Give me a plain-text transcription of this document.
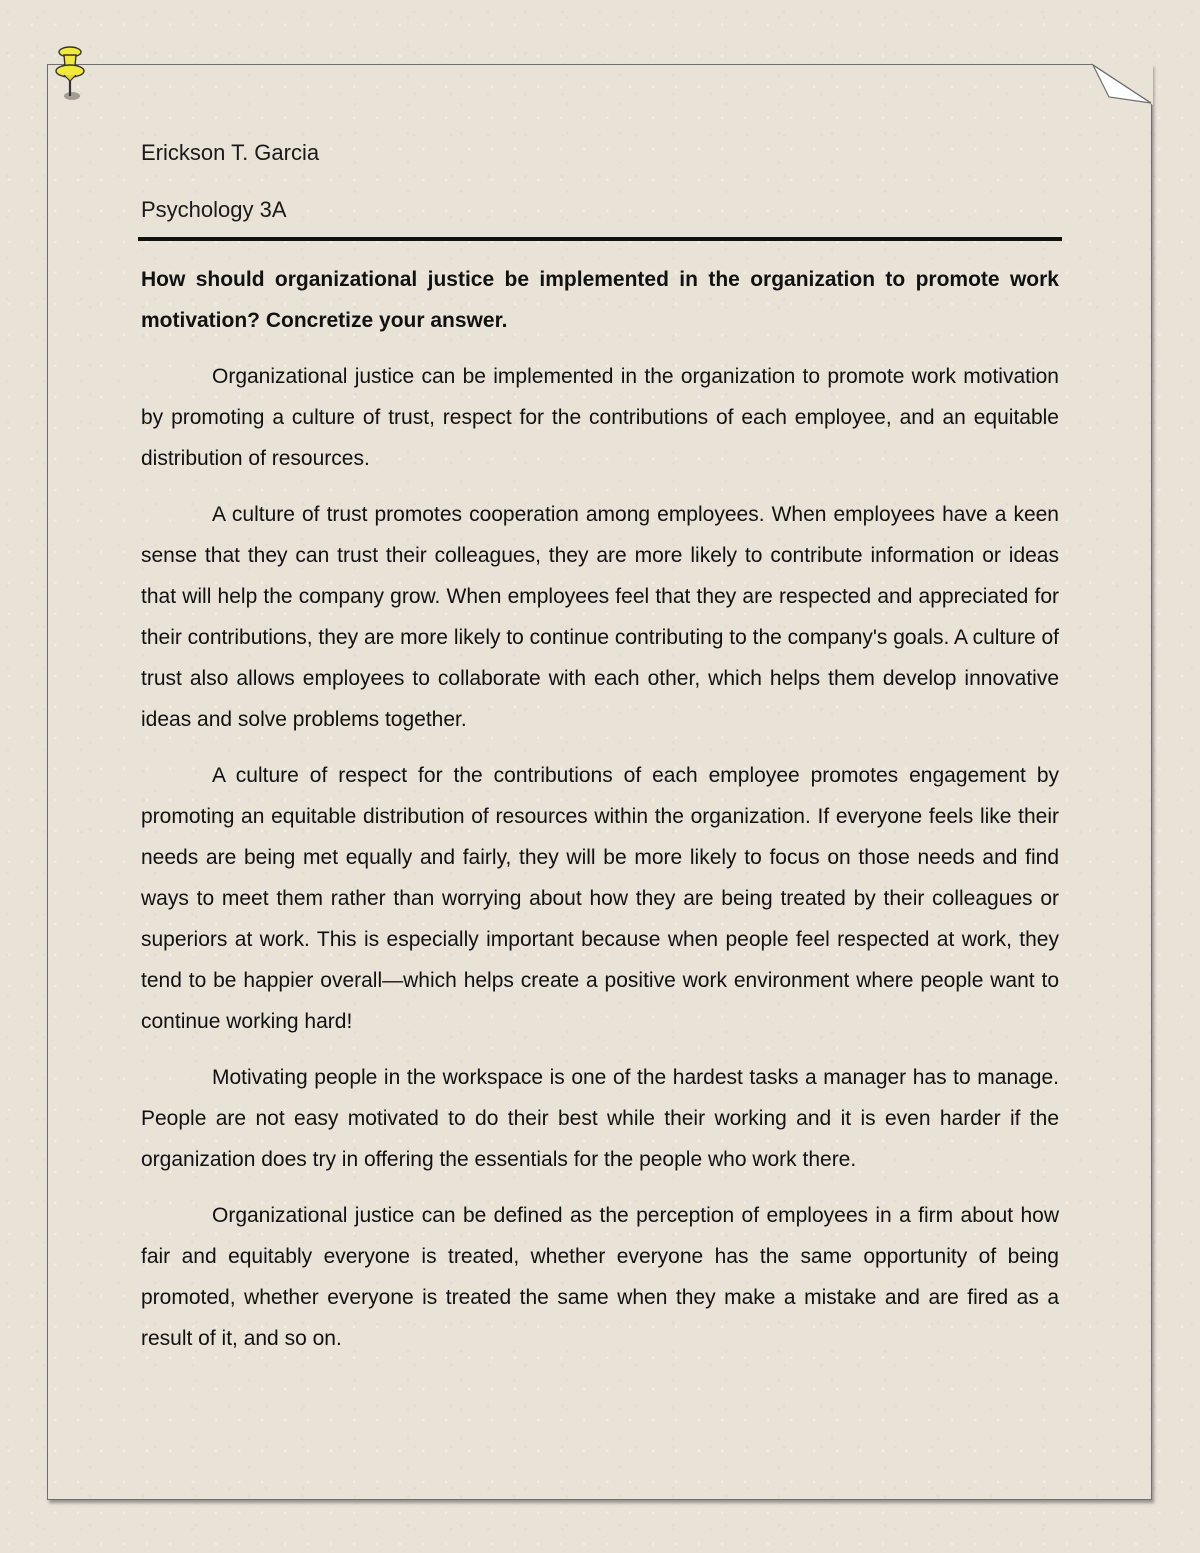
Erickson T. Garcia

Psychology 3A

How should organizational justice be implemented in the organization to promote work motivation? Concretize your answer.

Organizational justice can be implemented in the organization to promote work motivation by promoting a culture of trust, respect for the contributions of each employee, and an equitable distribution of resources.

A culture of trust promotes cooperation among employees. When employees have a keen sense that they can trust their colleagues, they are more likely to contribute information or ideas that will help the company grow. When employees feel that they are respected and appreciated for their contributions, they are more likely to continue contributing to the company's goals. A culture of trust also allows employees to collaborate with each other, which helps them develop innovative ideas and solve problems together.

A culture of respect for the contributions of each employee promotes engagement by promoting an equitable distribution of resources within the organization. If everyone feels like their needs are being met equally and fairly, they will be more likely to focus on those needs and find ways to meet them rather than worrying about how they are being treated by their colleagues or superiors at work. This is especially important because when people feel respected at work, they tend to be happier overall—which helps create a positive work environment where people want to continue working hard!

Motivating people in the workspace is one of the hardest tasks a manager has to manage. People are not easy motivated to do their best while their working and it is even harder if the organization does try in offering the essentials for the people who work there.

Organizational justice can be defined as the perception of employees in a firm about how fair and equitably everyone is treated, whether everyone has the same opportunity of being promoted, whether everyone is treated the same when they make a mistake and are fired as a result of it, and so on.
